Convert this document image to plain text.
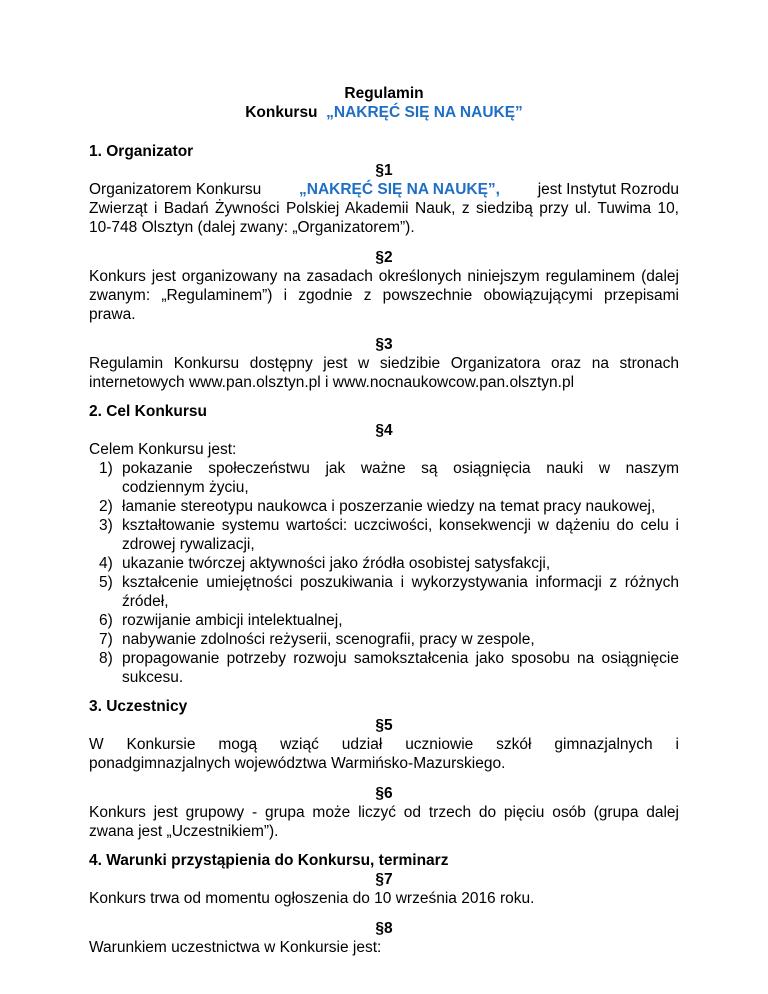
Regulamin
Konkursu „NAKRĘĆ SIĘ NA NAUKĘ”
1. Organizator
§1
Organizatorem Konkursu „NAKRĘĆ SIĘ NA NAUKĘ”, jest Instytut Rozrodu
Zwierząt i Badań Żywności Polskiej Akademii Nauk, z siedzibą przy ul. Tuwima 10,
10-748 Olsztyn (dalej zwany: „Organizatorem”).
§2
Konkurs jest organizowany na zasadach określonych niniejszym regulaminem (dalej
zwanym: „Regulaminem”) i zgodnie z powszechnie obowiązującymi przepisami
prawa.
§3
Regulamin Konkursu dostępny jest w siedzibie Organizatora oraz na stronach
internetowych www.pan.olsztyn.pl i www.nocnaukowcow.pan.olsztyn.pl
2. Cel Konkursu
§4
Celem Konkursu jest:
1) pokazanie społeczeństwu jak ważne są osiągnięcia nauki w naszym
codziennym życiu,
2) łamanie stereotypu naukowca i poszerzanie wiedzy na temat pracy naukowej,
3) kształtowanie systemu wartości: uczciwości, konsekwencji w dążeniu do celu i
zdrowej rywalizacji,
4) ukazanie twórczej aktywności jako źródła osobistej satysfakcji,
5) kształcenie umiejętności poszukiwania i wykorzystywania informacji z różnych
źródeł,
6) rozwijanie ambicji intelektualnej,
7) nabywanie zdolności reżyserii, scenografii, pracy w zespole,
8) propagowanie potrzeby rozwoju samokształcenia jako sposobu na osiągnięcie
sukcesu.
3. Uczestnicy
§5
W Konkursie mogą wziąć udział uczniowie szkół gimnazjalnych i
ponadgimnazjalnych województwa Warmińsko-Mazurskiego.
§6
Konkurs jest grupowy - grupa może liczyć od trzech do pięciu osób (grupa dalej
zwana jest „Uczestnikiem”).
4. Warunki przystąpienia do Konkursu, terminarz
§7
Konkurs trwa od momentu ogłoszenia do 10 września 2016 roku.
§8
Warunkiem uczestnictwa w Konkursie jest:
